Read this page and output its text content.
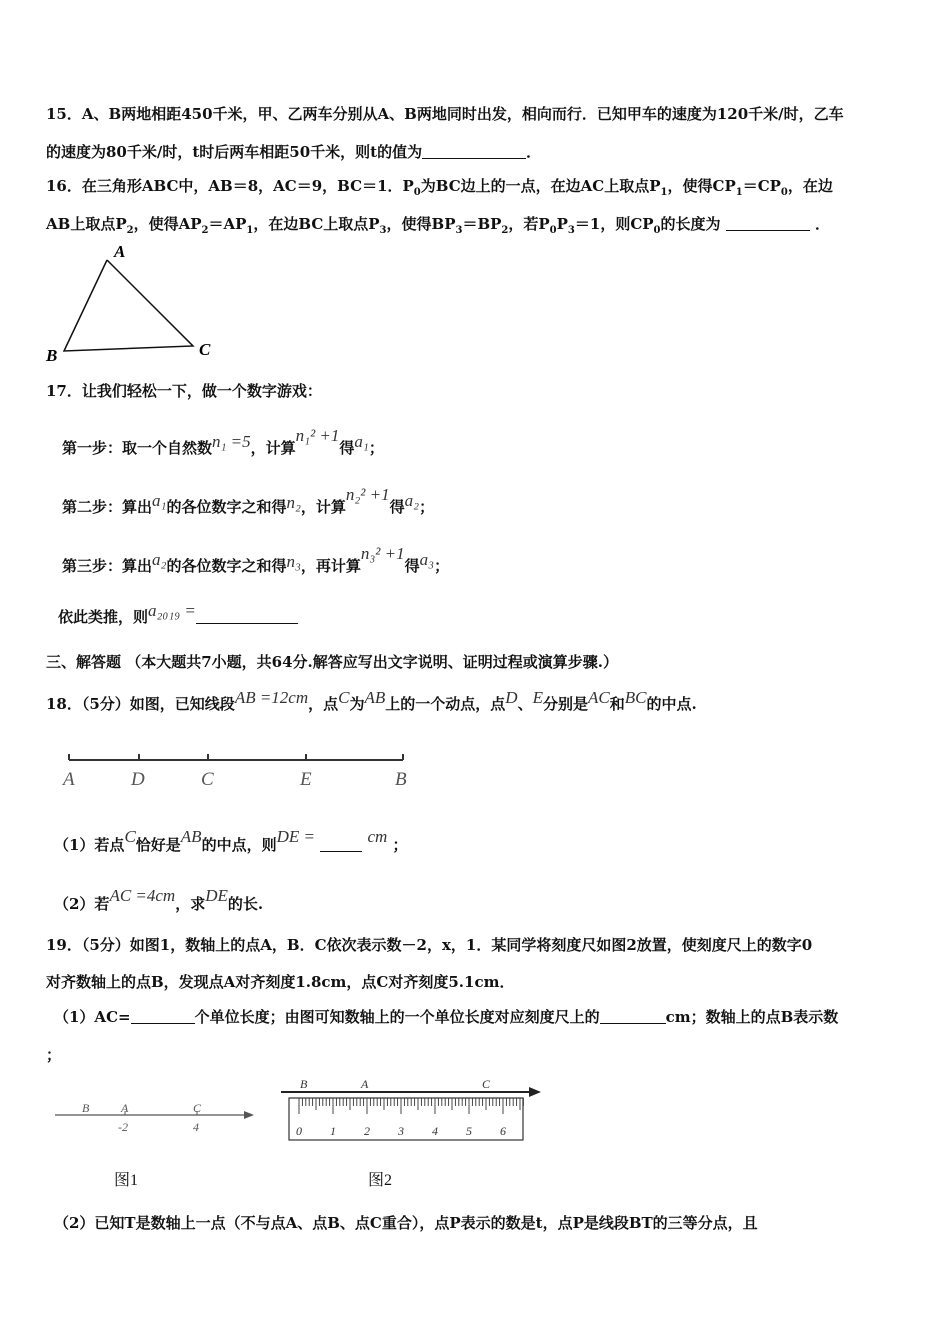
15．A、B两地相距450千米，甲、乙两车分别从A、B两地同时出发，相向而行．已知甲车的速度为120千米/时，乙车
的速度为80千米/时，t时后两车相距50千米，则t的值为	．
16．在三角形ABC中，AB＝8，AC＝9，BC＝1．$P_0$为BC边上的一点，在边AC上取点$P_1$，使得$CP_1=CP_0$，在边
AB上取点$P_2$，使得$AP_2=AP_1$，在边BC上取点$P_3$，使得$BP_3=BP_2$，若$P_0P_3=1$，则$CP_0$的长度为	．
A
B	C
17．让我们轻松一下，做一个数字游戏：
第一步：取一个自然数n₁ =5，计算n₁² +1得a₁；
第二步：算出a₁的各位数字之和得n₂，计算n₂² +1得a₂；
第三步：算出a₂的各位数字之和得n₃，再计算n₃² +1得a₃；
依此类推，则a₂₀₁₉ =
三、解答题 （本大题共7小题，共64分.解答应写出文字说明、证明过程或演算步骤.）
18．（5分）如图，已知线段AB =12cm，点C为AB上的一个动点，点D、E分别是AC和BC的中点.
A	D	C	E	B
（1）若点C恰好是AB的中点，则DE =	cm ；
（2）若AC =4cm，求DE的长.
19．（5分）如图1，数轴上的点A，B．C依次表示数－2，x，1．某同学将刻度尺如图2放置，使刻度尺上的数字0
对齐数轴上的点B，发现点A对齐刻度1.8cm，点C对齐刻度5.1cm．
（1）AC=	个单位长度；由图可知数轴上的一个单位长度对应刻度尺上的	cm；数轴上的点B表示数
；
B	A	C
-2	4
图1
B	A	C
0 1 2 3 4 5 6
图2
（2）已知T是数轴上一点（不与点A、点B、点C重合），点P表示的数是t，点P是线段BT的三等分点，且
